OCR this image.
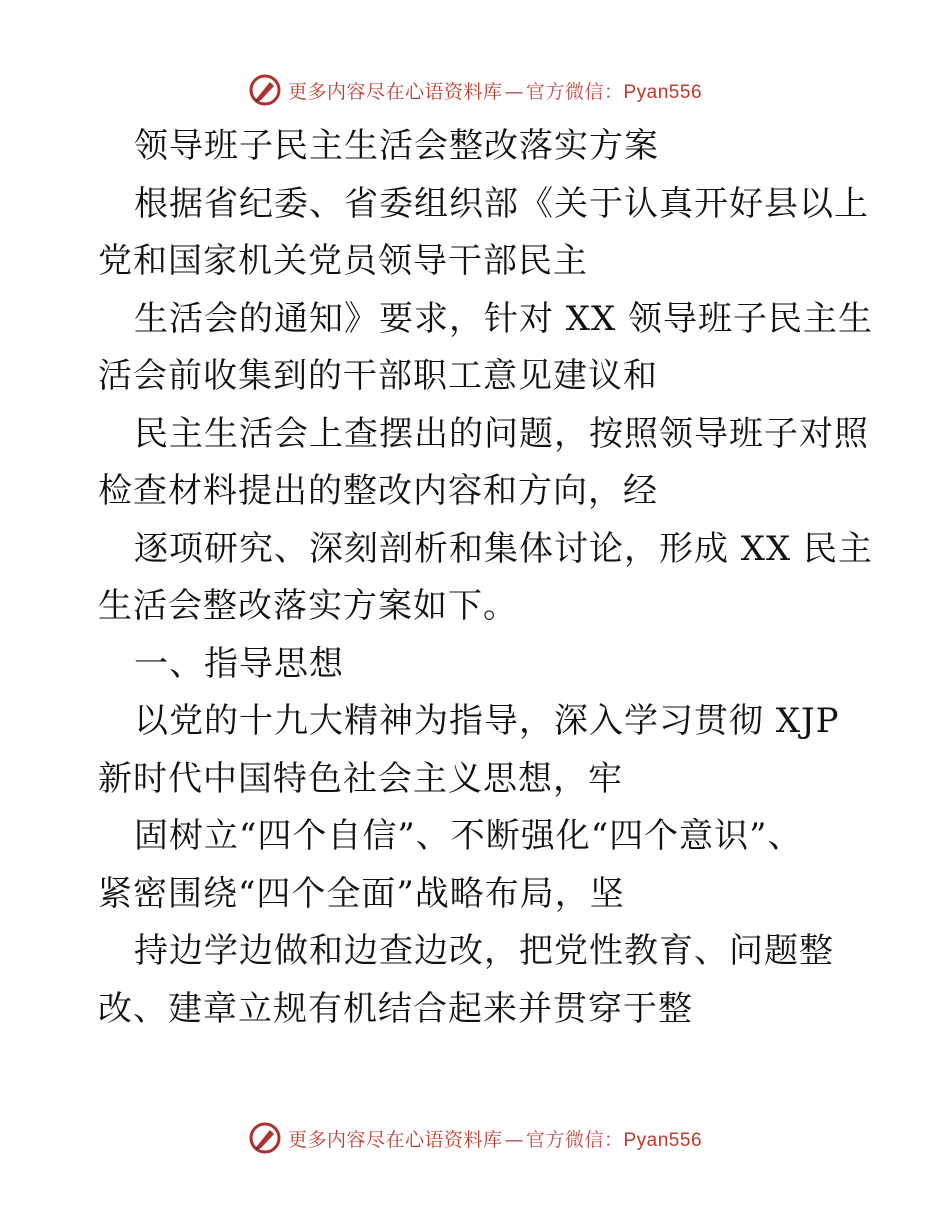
更多内容尽在心语资料库 — 官方微信： Pyan556
领导班子民主生活会整改落实方案
根据省纪委、省委组织部《关于认真开好县以上
党和国家机关党员领导干部民主
生活会的通知》要求，针对 XX 领导班子民主生
活会前收集到的干部职工意见建议和
民主生活会上查摆出的问题，按照领导班子对照
检查材料提出的整改内容和方向，经
逐项研究、深刻剖析和集体讨论，形成 XX 民主
生活会整改落实方案如下。
一、指导思想
以党的十九大精神为指导，深入学习贯彻 XJP
新时代中国特色社会主义思想，牢
固树立“四个自信”、不断强化“四个意识”、
紧密围绕“四个全面”战略布局，坚
持边学边做和边查边改，把党性教育、问题整
改、建章立规有机结合起来并贯穿于整
更多内容尽在心语资料库 — 官方微信： Pyan556
